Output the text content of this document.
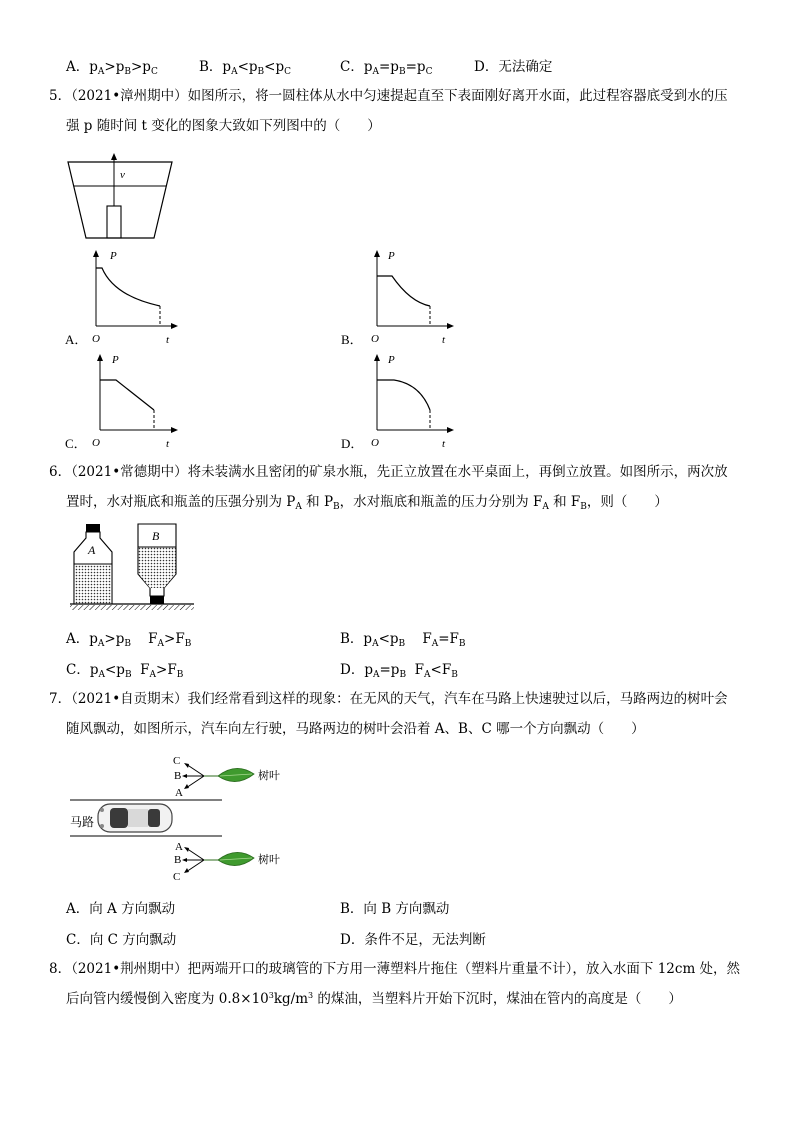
A．$p_A>p_B>p_C$	B．$p_A<p_B<p_C$	C．$p_A=p_B=p_C$	D．无法确定
5．（2021•漳州期中）如图所示，将一圆柱体从水中匀速提起直至下表面刚好离开水面，此过程容器底受到水的压
强 p 随时间 t 变化的图象大致如下列图中的（　　）
v
A．
P
O	t	B．
P
O	t
C．
P
O	t	D．
P
O	t
6．（2021•常德期中）将未装满水且密闭的矿泉水瓶，先正立放置在水平桌面上，再倒立放置。如图所示，两次放
置时，水对瓶底和瓶盖的压强分别为 $P_A$ 和 $P_B$，水对瓶底和瓶盖的压力分别为 $F_A$ 和 $F_B$，则（　　）
A
B
A．$p_A>p_B$    $F_A>F_B$	B．$p_A<p_B$    $F_A=F_B$
C．$p_A<p_B$  $F_A>F_B$	D．$p_A=p_B$  $F_A<F_B$
7．（2021•自贡期末）我们经常看到这样的现象：在无风的天气，汽车在马路上快速驶过以后，马路两边的树叶会
随风飘动，如图所示，汽车向左行驶，马路两边的树叶会沿着 A、B、C 哪一个方向飘动（　　）
C
B
A
树叶
马路
A
B
C
树叶
A．向 A 方向飘动	B．向 B 方向飘动
C．向 C 方向飘动	D．条件不足，无法判断
8．（2021•荆州期中）把两端开口的玻璃管的下方用一薄塑料片拖住（塑料片重量不计），放入水面下 12cm 处，然
后向管内缓慢倒入密度为 $0.8\times 10^3kg/m^3$ 的煤油，当塑料片开始下沉时，煤油在管内的高度是（　　）
